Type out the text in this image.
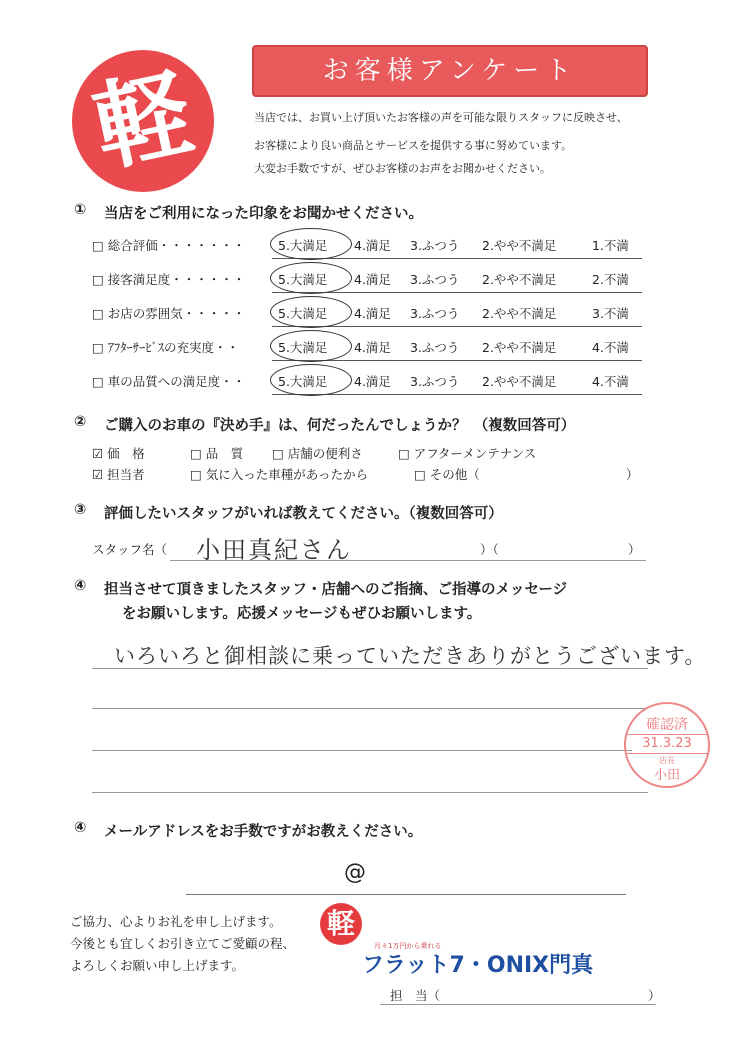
軽	お客様アンケート
当店では、お買い上げ頂いたお客様の声を可能な限りスタッフに反映させ、
お客様により良い商品とサービスを提供する事に努めています。
大変お手数ですが、ぜひお客様のお声をお聞かせください。
① 当店をご利用になった印象をお聞かせください。
□ 総合評価・・・・・・・	5.大満足 4.満足 3.ふつう 2.やや不満足	1.不満
□ 接客満足度・・・・・・	5.大満足 4.満足 3.ふつう 2.やや不満足	2.不満
□ お店の雰囲気・・・・・	5.大満足 4.満足 3.ふつう 2.やや不満足	3.不満
□ ｱﾌﾀｰｻｰﾋﾞｽの充実度・・	5.大満足 4.満足 3.ふつう 2.やや不満足	4.不満
□ 車の品質への満足度・・	5.大満足 4.満足 3.ふつう 2.やや不満足	4.不満
② ご購入のお車の『決め手』は、何だったんでしょうか？　（複数回答可）
☑ 価　格	□ 品　質 □ 店舗の便利さ	□ アフターメンテナンス
☑ 担当者	□ 気に入った車種があったから	□ その他（	）
③ 評価したいスタッフがいれば教えてください。（複数回答可）
スタッフ名（ 小田真紀さん	）（	）
④ 担当させて頂きましたスタッフ・店舗へのご指摘、ご指導のメッセージ
をお願いします。応援メッセージもぜひお願いします。
いろいろと御相談に乗っていただきありがとうございます。
確認済
31.3.23
店長
小田
④ メールアドレスをお手数ですがお教えください。
@
ご協力、心よりお礼を申し上げます。
今後とも宜しくお引き立てご愛顧の程、
よろしくお願い申し上げます。
軽
月々1万円から乗れる
フラット7・ONIX門真
担　当（	）
